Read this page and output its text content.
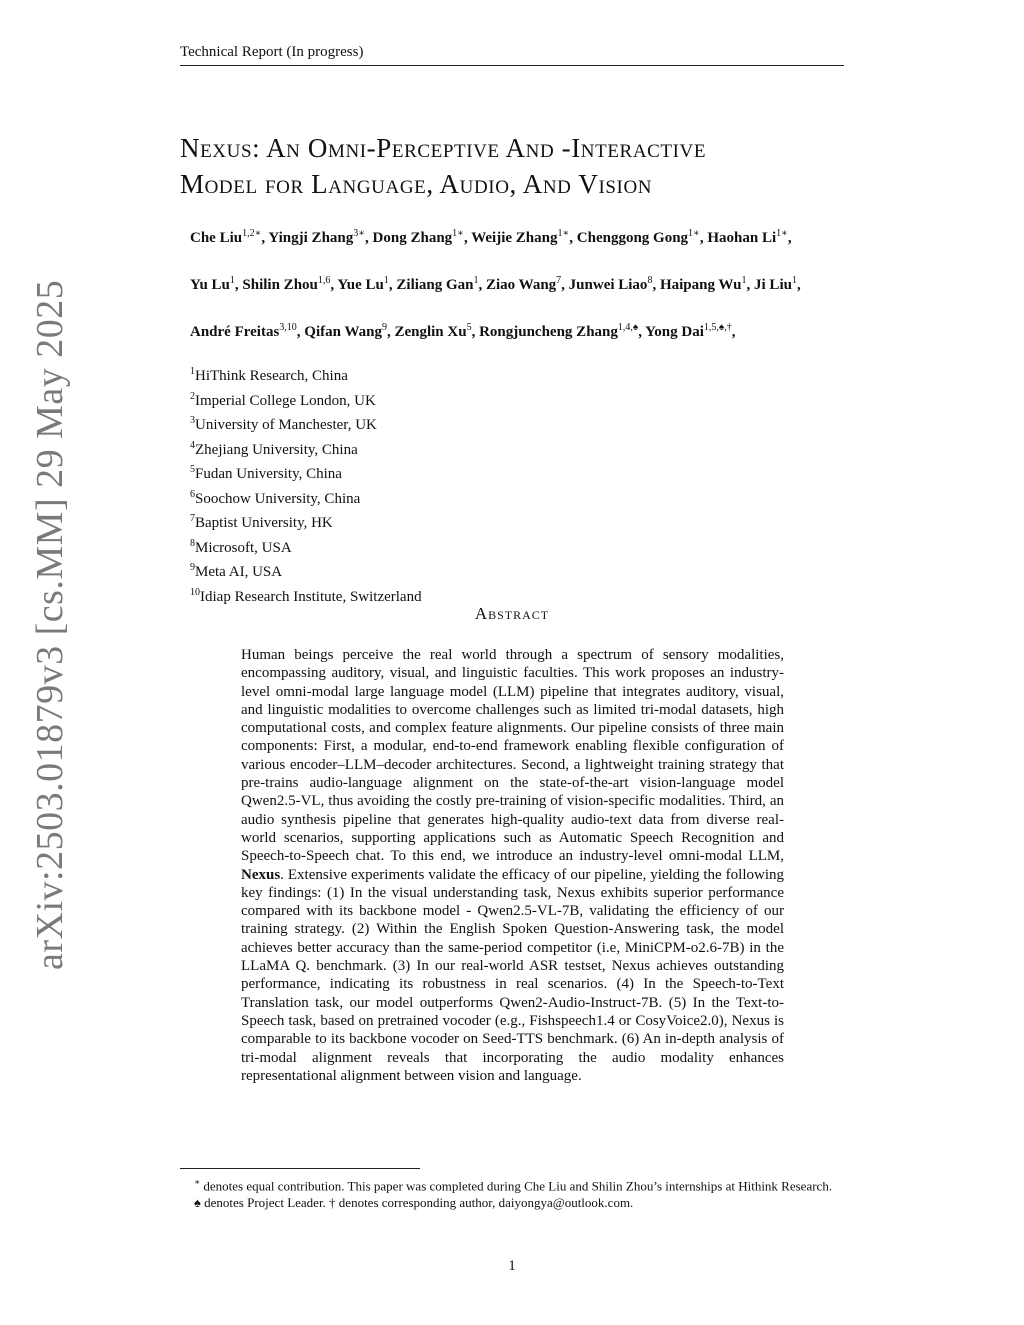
Technical Report (In progress)
Nexus: An Omni-Perceptive And -Interactive
Model for Language, Audio, And Vision
Che Liu$^{1,2∗}$, Yingji Zhang$^{3∗}$, Dong Zhang$^{1∗}$, Weijie Zhang$^{1∗}$, Chenggong Gong$^{1∗}$, Haohan $Li^{1∗}$,
Yu Lu$^1$, Shilin Zhou$^{1,6}$, Yue Lu$^1$, Ziliang Gan$^1$, Ziao Wang$^7$, Junwei Liao$^8$, Haipang Wu$^1$, Ji Liu$^1$,
André Freitas$^{3,10}$, Qifan Wang$^9$, Zenglin Xu$^5$, Rongjuncheng Zhang$^{1,4,♠}$, Yong Dai$^{1,5,♠,\dagger}$,
$^1$HiThink Research, China
$^2$Imperial College London, UK
$^3$University of Manchester, UK
$^4$Zhejiang University, China
$^5$Fudan University, China
$^6$Soochow University, China
$^7$Baptist University, HK
$^8$Microsoft, USA
$^9$Meta AI, USA
$^{10}$Idiap Research Institute, Switzerland
Abstract
Human beings perceive the real world through a spectrum of sensory modalities, encompassing auditory, visual, and linguistic faculties. This work proposes an industry-level omni-modal large language model (LLM) pipeline that integrates auditory, visual, and linguistic modalities to overcome challenges such as limited tri-modal datasets, high computational costs, and complex feature alignments. Our pipeline consists of three main components: First, a modular, end-to-end framework enabling flexible configuration of various encoder–LLM–decoder architectures. Second, a lightweight training strategy that pre-trains audio-language alignment on the state-of-the-art vision-language model Qwen2.5-VL, thus avoiding the costly pre-training of vision-specific modalities. Third, an audio synthesis pipeline that generates high-quality audio-text data from diverse real-world scenarios, supporting applications such as Automatic Speech Recognition and Speech-to-Speech chat. To this end, we introduce an industry-level omni-modal LLM, Nexus. Extensive experiments validate the efficacy of our pipeline, yielding the following key findings: (1) In the visual understanding task, Nexus exhibits superior performance compared with its backbone model - Qwen2.5-VL-7B, validating the efficiency of our training strategy. (2) Within the English Spoken Question-Answering task, the model achieves better accuracy than the same-period competitor (i.e, MiniCPM-o2.6-7B) in the LLaMA Q. benchmark. (3) In our real-world ASR testset, Nexus achieves outstanding performance, indicating its robustness in real scenarios. (4) In the Speech-to-Text Translation task, our model outperforms Qwen2-Audio-Instruct-7B. (5) In the Text-to-Speech task, based on pretrained vocoder (e.g., Fishspeech1.4 or CosyVoice2.0), Nexus is comparable to its backbone vocoder on Seed-TTS benchmark. (6) An in-depth analysis of tri-modal alignment reveals that incorporating the audio modality enhances representational alignment between vision and language.
∗ denotes equal contribution. This paper was completed during Che Liu and Shilin Zhou’s internships at Hithink Research.
♠ denotes Project Leader. † denotes corresponding author, daiyongya@outlook.com.
1
arXiv:2503.01879v3 [cs.MM] 29 May 2025
